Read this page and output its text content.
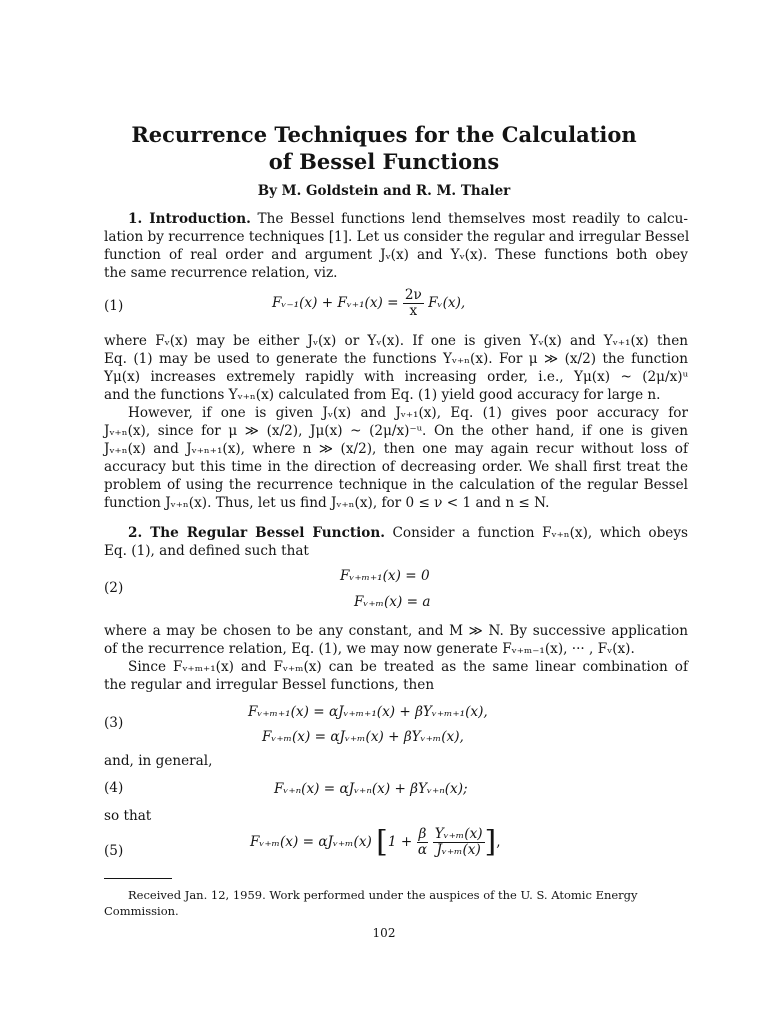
Recurrence Techniques for the Calculation
of Bessel Functions
By M. Goldstein and R. M. Thaler

1. Introduction. The Bessel functions lend themselves most readily to calcu-
lation by recurrence techniques [1]. Let us consider the regular and irregular Bessel
function of real order and argument Jᵥ(x) and Yᵥ(x). These functions both obey
the same recurrence relation, viz.

(1)	Fᵥ₋₁(x) + Fᵥ₊₁(x) = $\frac{2\nu}{x}$ Fᵥ(x),

where Fᵥ(x) may be either Jᵥ(x) or Yᵥ(x). If one is given Yᵥ(x) and Yᵥ₊₁(x) then
Eq. (1) may be used to generate the functions Yᵥ₊ₙ(x). For μ ≫ (x/2) the function
Yμ(x) increases extremely rapidly with increasing order, i.e., Yμ(x) ~ (2μ/x)ᵘ
and the functions Yᵥ₊ₙ(x) calculated from Eq. (1) yield good accuracy for large n.

However, if one is given Jᵥ(x) and Jᵥ₊₁(x), Eq. (1) gives poor accuracy for
Jᵥ₊ₙ(x), since for μ ≫ (x/2), Jμ(x) ~ (2μ/x)⁻ᵘ. On the other hand, if one is given
Jᵥ₊ₙ(x) and Jᵥ₊ₙ₊₁(x), where n ≫ (x/2), then one may again recur without loss of
accuracy but this time in the direction of decreasing order. We shall first treat the
problem of using the recurrence technique in the calculation of the regular Bessel
function Jᵥ₊ₙ(x). Thus, let us find Jᵥ₊ₙ(x), for 0 ≤ ν < 1 and n ≤ N.

2. The Regular Bessel Function. Consider a function Fᵥ₊ₙ(x), which obeys
Eq. (1), and defined such that

(2)
Fᵥ₊ₘ₊₁(x) = 0
Fᵥ₊ₘ(x) = a

where a may be chosen to be any constant, and M ≫ N. By successive application
of the recurrence relation, Eq. (1), we may now generate Fᵥ₊ₘ₋₁(x), ··· , Fᵥ(x).

Since Fᵥ₊ₘ₊₁(x) and Fᵥ₊ₘ(x) can be treated as the same linear combination of
the regular and irregular Bessel functions, then

(3)
Fᵥ₊ₘ₊₁(x) = αJᵥ₊ₘ₊₁(x) + βYᵥ₊ₘ₊₁(x),
Fᵥ₊ₘ(x) = αJᵥ₊ₘ(x) + βYᵥ₊ₘ(x),
and, in general,
(4)	Fᵥ₊ₙ(x) = αJᵥ₊ₙ(x) + βYᵥ₊ₙ(x);
so that
(5)
Fᵥ₊ₘ(x) = αJᵥ₊ₘ(x) [$1 + \frac{\beta}{\alpha}$
$\frac{\text{Yᵥ₊ₘ(x)}}{\text{Jᵥ₊ₘ(x)}}$ ],
Received Jan. 12, 1959. Work performed under the auspices of the U. S. Atomic Energy
Commission.
102
